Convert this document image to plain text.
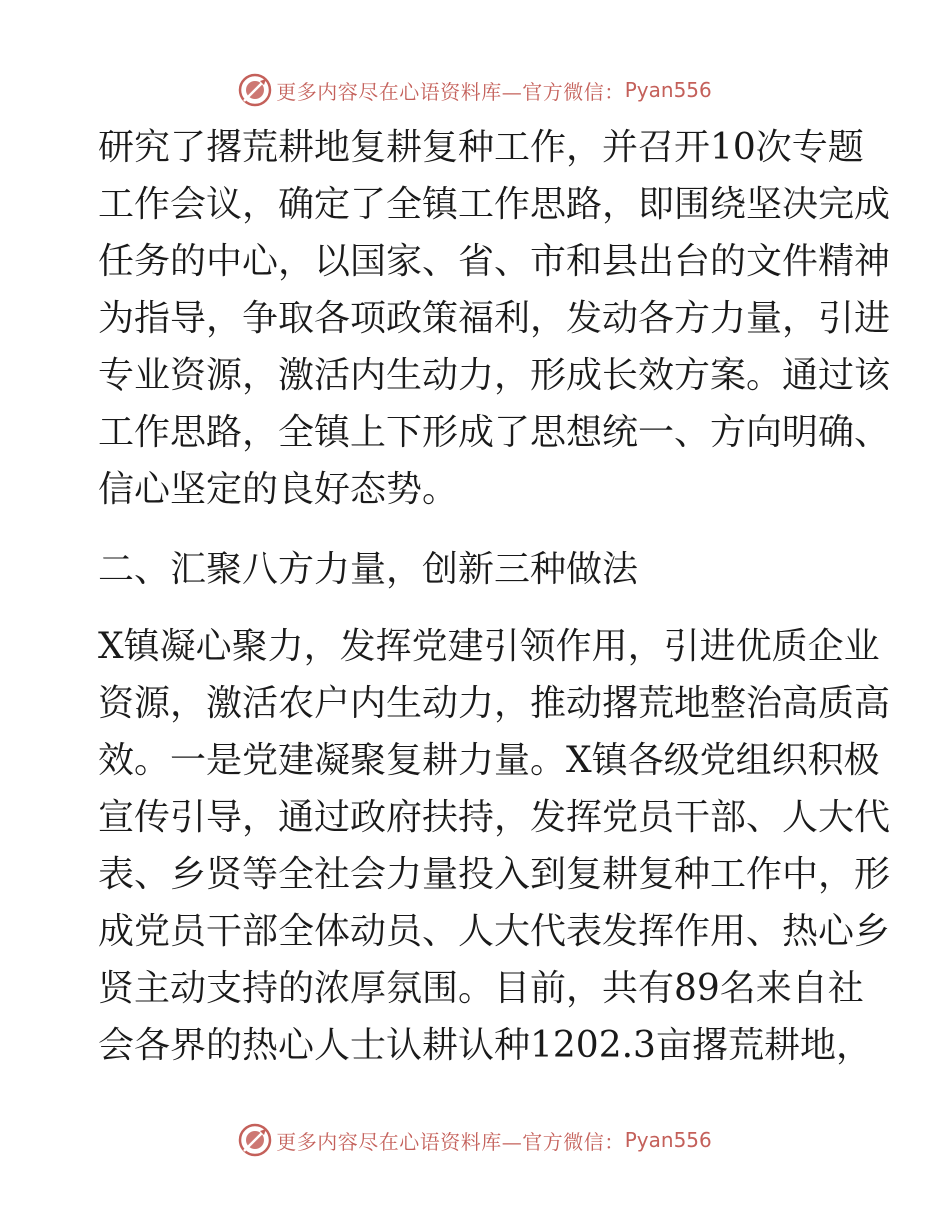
更多内容尽在心语资料库—官方微信： Pyan556
研究了撂荒耕地复耕复种工作，并召开10次专题
工作会议，确定了全镇工作思路，即围绕坚决完成
任务的中心，以国家、省、市和县出台的文件精神
为指导，争取各项政策福利，发动各方力量，引进
专业资源，激活内生动力，形成长效方案。通过该
工作思路，全镇上下形成了思想统一、方向明确、
信心坚定的良好态势。
二、汇聚八方力量，创新三种做法
X镇凝心聚力，发挥党建引领作用，引进优质企业
资源，激活农户内生动力，推动撂荒地整治高质高
效。一是党建凝聚复耕力量。X镇各级党组织积极
宣传引导，通过政府扶持，发挥党员干部、人大代
表、乡贤等全社会力量投入到复耕复种工作中，形
成党员干部全体动员、人大代表发挥作用、热心乡
贤主动支持的浓厚氛围。目前，共有89名来自社
会各界的热心人士认耕认种1202.3亩撂荒耕地，
更多内容尽在心语资料库—官方微信： Pyan556
